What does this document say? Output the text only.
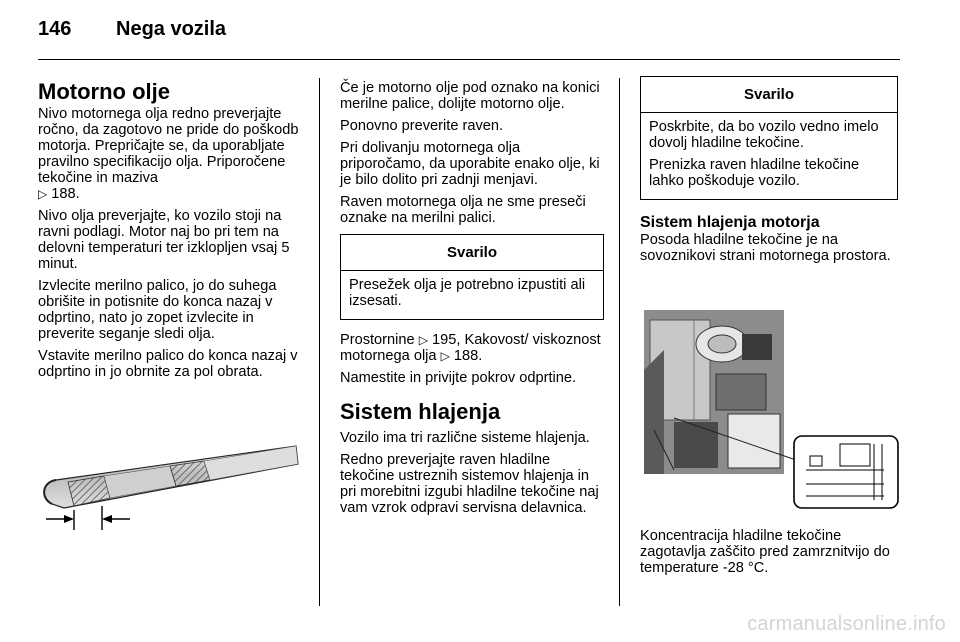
146 Nega vozila
Motorno olje

Nivo motornega olja redno preverjajte ročno, da zagotovo ne pride do poškodb motorja. Prepričajte se, da uporabljate pravilno specifikacijo olja. Priporočene tekočine in maziva
▷ 188.

Nivo olja preverjajte, ko vozilo stoji na ravni podlagi. Motor naj bo pri tem na delovni temperaturi ter izklopljen vsaj 5 minut.

Izvlecite merilno palico, jo do suhega obrišite in potisnite do konca nazaj v odprtino, nato jo zopet izvlecite in preverite seganje sledi olja.

Vstavite merilno palico do konca nazaj v odprtino in jo obrnite za pol obrata.

Če je motorno olje pod oznako na konici merilne palice, dolijte motorno olje.

Ponovno preverite raven.

Pri dolivanju motornega olja priporočamo, da uporabite enako olje, ki je bilo dolito pri zadnji menjavi.

Raven motornega olja ne sme preseči oznake na merilni palici.

Svarilo

Presežek olja je potrebno izpustiti ali izsesati.

Prostornine ▷ 195, Kakovost/ viskoznost motornega olja ▷ 188.

Namestite in privijte pokrov odprtine.

Sistem hlajenja

Vozilo ima tri različne sisteme hlajenja.

Redno preverjajte raven hladilne tekočine ustreznih sistemov hlajenja in pri morebitni izgubi hladilne tekočine naj vam vzrok odpravi servisna delavnica.

Svarilo

Poskrbite, da bo vozilo vedno imelo dovolj hladilne tekočine.

Prenizka raven hladilne tekočine lahko poškoduje vozilo.

Sistem hlajenja motorja

Posoda hladilne tekočine je na sovoznikovi strani motornega prostora.

Koncentracija hladilne tekočine zagotavlja zaščito pred zamrznitvijo do temperature -28 °C.

carmanualsonline.info
